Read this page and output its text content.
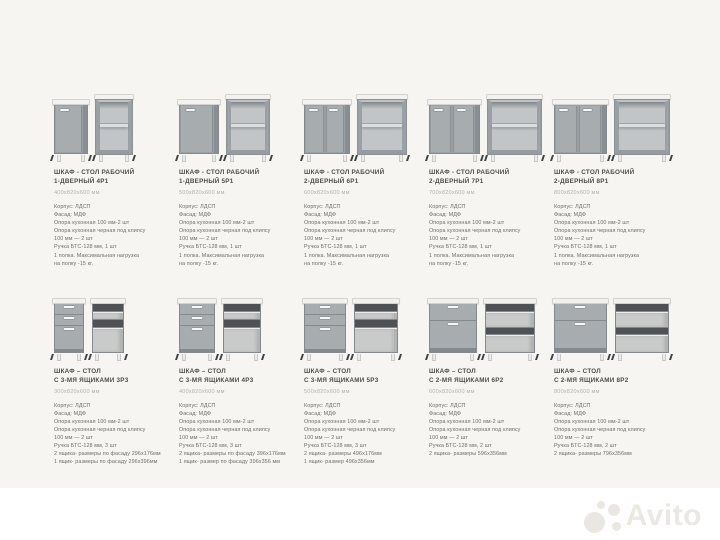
ШКАФ - СТОЛ РАБОЧИЙ
1-ДВЕРНЫЙ 4Р1
400х820х600 мм
Корпус: ЛДСП
Фасад: МДФ
Опора кухонная 100 мм-2 шт
Опора кухонная черная под клипсу
100 мм — 2 шт
Ручка БТС-128 мм, 1 шт
1 полка. Максимальная нагрузка
на полку -15 кг.
ШКАФ - СТОЛ РАБОЧИЙ
1-ДВЕРНЫЙ 5Р1
500х820х600 мм
Корпус: ЛДСП
Фасад: МДФ
Опора кухонная 100 мм-2 шт
Опора кухонная черная под клипсу
100 мм — 2 шт
Ручка БТС-128 мм, 1 шт
1 полка. Максимальная нагрузка
на полку -15 кг.
ШКАФ - СТОЛ РАБОЧИЙ
2-ДВЕРНЫЙ 6Р1
600х820х600 мм
Корпус: ЛДСП
Фасад: МДФ
Опора кухонная 100 мм-2 шт
Опора кухонная черная под клипсу
100 мм — 2 шт
Ручка БТС-128 мм, 1 шт
1 полка. Максимальная нагрузка
на полку -15 кг.
ШКАФ - СТОЛ РАБОЧИЙ
2-ДВЕРНЫЙ 7Р1
700х820х600 мм
Корпус: ЛДСП
Фасад: МДФ
Опора кухонная 100 мм-2 шт
Опора кухонная черная под клипсу
100 мм — 2 шт
Ручка БТС-128 мм, 1 шт
1 полка. Максимальная нагрузка
на полку -15 кг.
ШКАФ - СТОЛ РАБОЧИЙ
2-ДВЕРНЫЙ 8Р1
800х820х600 мм
Корпус: ЛДСП
Фасад: МДФ
Опора кухонная 100 мм-2 шт
Опора кухонная черная под клипсу
100 мм — 2 шт
Ручка БТС-128 мм, 1 шт
1 полка. Максимальная нагрузка
на полку -15 кг.
ШКАФ – СТОЛ
С 3-МЯ ЯЩИКАМИ 3Р3
300х820х600 мм
Корпус: ЛДСП
Фасад: МДФ
Опора кухонная 100 мм-2 шт
Опора кухонная черная под клипсу
100 мм — 2 шт
Ручка БТС-128 мм, 3 шт
2 ящика- размеры по фасаду 296х176мм
1 ящик- размеры по фасаду 296х396мм
ШКАФ – СТОЛ
С 3-МЯ ЯЩИКАМИ 4Р3
400х820х600 мм
Корпус: ЛДСП
Фасад: МДФ
Опора кухонная 100 мм-2 шт
Опора кухонная черная под клипсу
100 мм — 2 шт
Ручка БТС-128 мм, 3 шт
2 ящика- размеры по фасаду 396х176мм
1 ящик- размер по фасаду 396х356 мм
ШКАФ – СТОЛ
С 3-МЯ ЯЩИКАМИ 5Р3
500х820х600 мм
Корпус: ЛДСП
Фасад: МДФ
Опора кухонная 100 мм-2 шт
Опора кухонная черная под клипсу
100 мм — 2 шт
Ручка БТС-128 мм, 3 шт
2 ящика- размеры 496х176мм
1 ящик- размер 496х356мм
ШКАФ – СТОЛ
С 2-МЯ ЯЩИКАМИ 6Р2
600х820х600 мм
Корпус: ЛДСП
Фасад: МДФ
Опора кухонная 100 мм-2 шт
Опора кухонная черная под клипсу
100 мм — 2 шт
Ручка БТС-128 мм, 2 шт
2 ящика- размеры 596х356мм
ШКАФ – СТОЛ
С 2-МЯ ЯЩИКАМИ 8Р2
800х820х600 мм
Корпус: ЛДСП
Фасад: МДФ
Опора кухонная 100 мм-2 шт
Опора кухонная черная под клипсу
100 мм — 2 шт
Ручка БТС-128 мм, 2 шт
2 ящика- размеры 796х356мм
Avito
